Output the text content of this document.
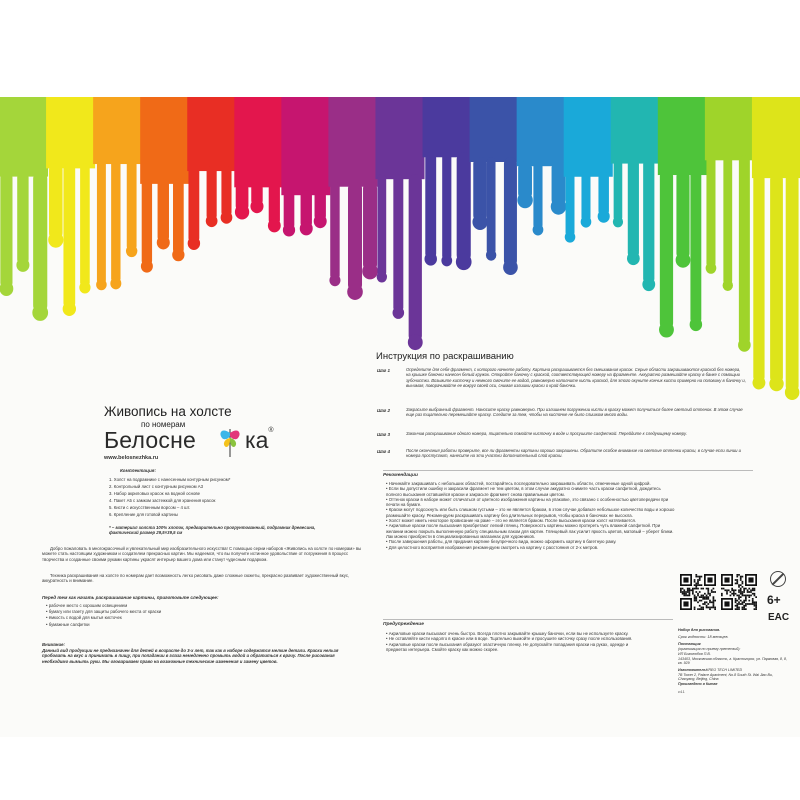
Живопись на холсте
по номерам
Белосне ка®
www.belosnezhka.ru
Комплектация:
1. Холст на подрамнике с нанесенным контурным рисунком*
2. Контрольный лист с контурным рисунком А3
3. Набор акриловых красок на водной основе
4. Пакет А5 с замком застежкой для хранения красок
5. Кисти с искусственным ворсом – 4 шт.
6. Крепление для готовой картины
* – материал холста 100% хлопок, предварительно прогрунтованный, подрамник древесина, фактический размер 29,5×39,5 см
Добро пожаловать в многокрасочный и увлекательный мир изобразительного искусства! С помощью серии наборов «Живопись на холсте по номерам» вы можете стать настоящим художником и создателем прекрасных картин. Мы надеемся, что вы получите истинное удовольствие от погружения в процесс творчества и созданные своими руками картины украсят интерьер вашего дома или станут чудесным подарком.
Техника раскрашивания на холсте по номерам дает возможность легко рисовать даже сложные сюжеты, прекрасно развивает художественный вкус, аккуратность и внимание.
Перед тем как начать раскрашивание картины, приготовьте следующее:
• рабочее место с хорошим освещением
• бумагу или газету для защиты рабочего места от краски
• ёмкость с водой для мытья кисточек
• бумажные салфетки
Внимание:
Данный вид продукции не предназначен для детей в возрасте до 3-х лет, так как в наборе содержатся мелкие детали. Краски нельзя пробовать на вкус и принимать в пищу, при попадании в глаза немедленно промыть водой и обратиться к врачу. После рисования необходимо вымыть руки. Мы оговариваем право на возможные технические изменения и замену цветов.
Инструкция по раскрашиванию
Шаг 1	Определите для себя фрагмент, с которого начнете работу. Картина раскрашивается без смешивания красок. Серые области закрашиваются краской без номера, на крышке баночки нанесен белый кружок. Откройте баночку с краской, соответствующей номеру на фрагменте. Аккуратно размешайте краску в банке с помощью зубочистки. Возьмите кисточку и немного смочите ее водой, равномерно наполните кисть краской, для этого окуните кончик кисти примерно на половину в баночку и, вынимая, поворачивайте ее вокруг своей оси, снимая излишки краски о край баночки.
Шаг 2	Закрасьте выбранный фрагмент. Наносите краску равномерно. При излишнем погружении кисти в краску может получиться более светлый оттенок. В этом случае еще раз тщательно перемешайте краску. Следите за тем, чтобы на кисточке не было слишком много воды.
Шаг 3	Закончив раскрашивание одного номера, тщательно помойте кисточку в воде и просушите салфеткой. Перейдите к следующему номеру.
Шаг 4	После окончания работы проверьте, все ли фрагменты картины хорошо закрашены. Обратите особое внимание на светлые оттенки краски, в случае если линии и номера проступают, нанесите на эти участки дополнительный слой краски.
Рекомендации
• Начинайте закрашивать с небольших областей, постарайтесь последовательно закрашивать области, отмеченные одной цифрой.
• Если вы допустили ошибку и закрасили фрагмент не тем цветом, в этом случае аккуратно снимите часть краски салфеткой, дождитесь полного высыхания оставшейся краски и закрасьте фрагмент снова правильным цветом.
• Оттенок краски в наборе может отличаться от цветного изображения картины на упаковке, это связано с особенностью цветопередачи при печати на бумаге.
• Краски могут подсохнуть или быть слишком густыми – это не является браком, в этом случае добавьте небольшое количество воды и хорошо размешайте краску. Рекомендуем раскрашивать картину без длительных перерывов, чтобы краска в баночках не высохла.
• Холст может иметь некоторое провисание на раме – это не является браком. После высыхания краски холст натягивается.
• Акриловые краски после высыхания приобретают легкий глянец. Поверхность картины можно протереть чуть влажной салфеткой. При желании можно покрыть выполненную работу специальным лаком для картин. Глянцевый лак усилит яркость цветов, матовый – уберет блики. Лак можно приобрести в специализированных магазинах для художников.
• После завершения работы, для придания картине безупречного вида, можно оформить картину в багетную раму.
• Для целостного восприятия изображения рекомендуем смотреть на картину с расстояния от 2-х метров.
Предупреждение
• Акриловые краски высыхают очень быстро. Всегда плотно закрывайте крышку баночки, если вы не используете краску.
• Не оставляйте кисти надолго в краске или в воде. Тщательно вымойте и просушите кисточку сразу после использования.
• Акриловые краски после высыхания образуют эластичную пленку. Не допускайте попадания краски на руках, одежде и предметах интерьера. Смойте краску как можно скорее.
6+
EAC
Набор для рисования.
Срок годности: 18 месяцев.
Поставщик
(организация по приему претензий):
ИП Боголюбов П.В.
143403, Московская область, г. Красногорск, ул. Парковая, 8, 8, кв. 929
Изготовитель: KREO TECH LIMITED
7B Tower 2, Palace Apartment, No.8 South St. Wai Jiao Bu, Chaoyang, Beijing, China
Произведено в Китае
v.4.1
